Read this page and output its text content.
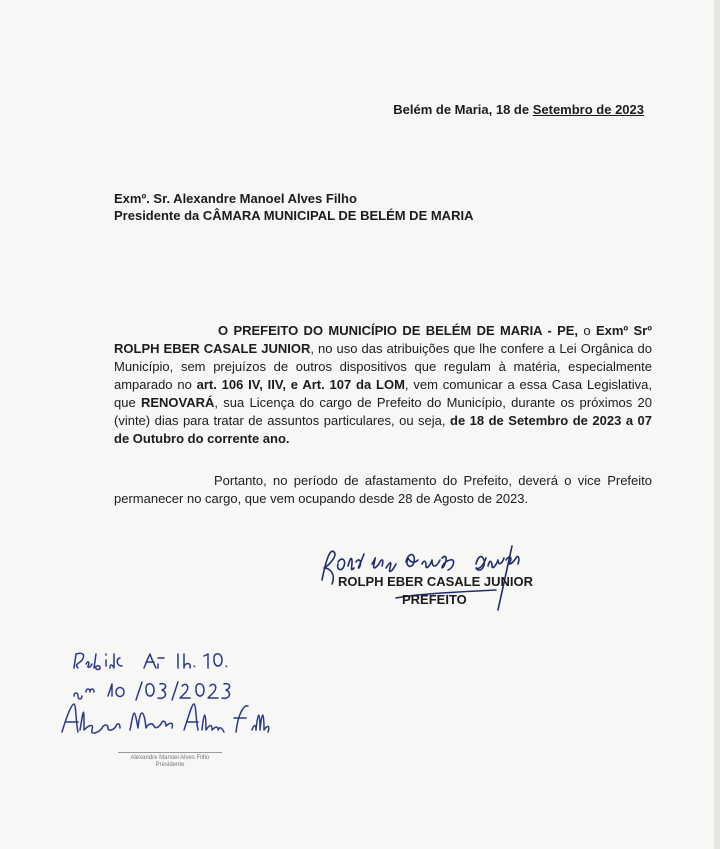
Belém de Maria, 18 de Setembro de 2023
Exmº. Sr. Alexandre Manoel Alves Filho
Presidente da CÂMARA MUNICIPAL DE BELÉM DE MARIA
O PREFEITO DO MUNICÍPIO DE BELÉM DE MARIA - PE, o Exmº Srº ROLPH EBER CASALE JUNIOR, no uso das atribuições que lhe confere a Lei Orgânica do Município, sem prejuízos de outros dispositivos que regulam à matéria, especialmente amparado no art. 106 IV, IIV, e Art. 107 da LOM, vem comunicar a essa Casa Legislativa, que RENOVARÁ, sua Licença do cargo de Prefeito do Município, durante os próximos 20 (vinte) dias para tratar de assuntos particulares, ou seja, de 18 de Setembro de 2023 a 07 de Outubro do corrente ano.
Portanto, no período de afastamento do Prefeito, deverá o vice Prefeito permanecer no cargo, que vem ocupando desde 28 de Agosto de 2023.
ROLPH EBER CASALE JUNIOR
PREFEITO
Alexandre Manoel Alves Filho
Presidente
